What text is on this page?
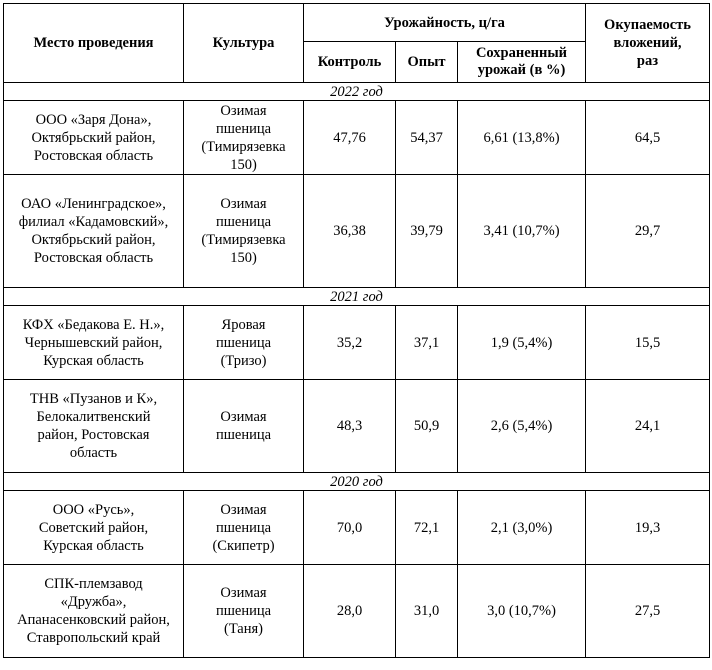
Место проведения	Культура	Урожайность, ц/га			Окупаемость
вложений,
раз

		Контроль	Опыт	Сохраненный урожай (в %)	
2022 год					

ООО «Заря Дона»,
Октябрьский район,
Ростовская область	Озимая
пшеница
(Тимирязевка
150)	47,76	54,37	6,61 (13,8%)	64,5

ОАО «Ленинградское»,
филиал «Кадамовский»,
Октябрьский район,
Ростовская область	Озимая
пшеница
(Тимирязевка
150)	36,38	39,79	3,41 (10,7%)	29,7
2021 год					

КФХ «Бедакова Е. Н.»,
Чернышевский район,
Курская область	Яровая
пшеница
(Тризо)	35,2	37,1	1,9 (5,4%)	15,5

ТНВ «Пузанов и К»,
Белокалитвенский
район, Ростовская
область	Озимая
пшеница	48,3	50,9	2,6 (5,4%)	24,1
2020 год					

ООО «Русь»,
Советский район,
Курская область	Озимая
пшеница
(Скипетр)	70,0	72,1	2,1 (3,0%)	19,3

СПК-племзавод
«Дружба»,
Апанасенковский район,
Ставропольский край	Озимая
пшеница
(Таня)	28,0	31,0	3,0 (10,7%)	27,5
